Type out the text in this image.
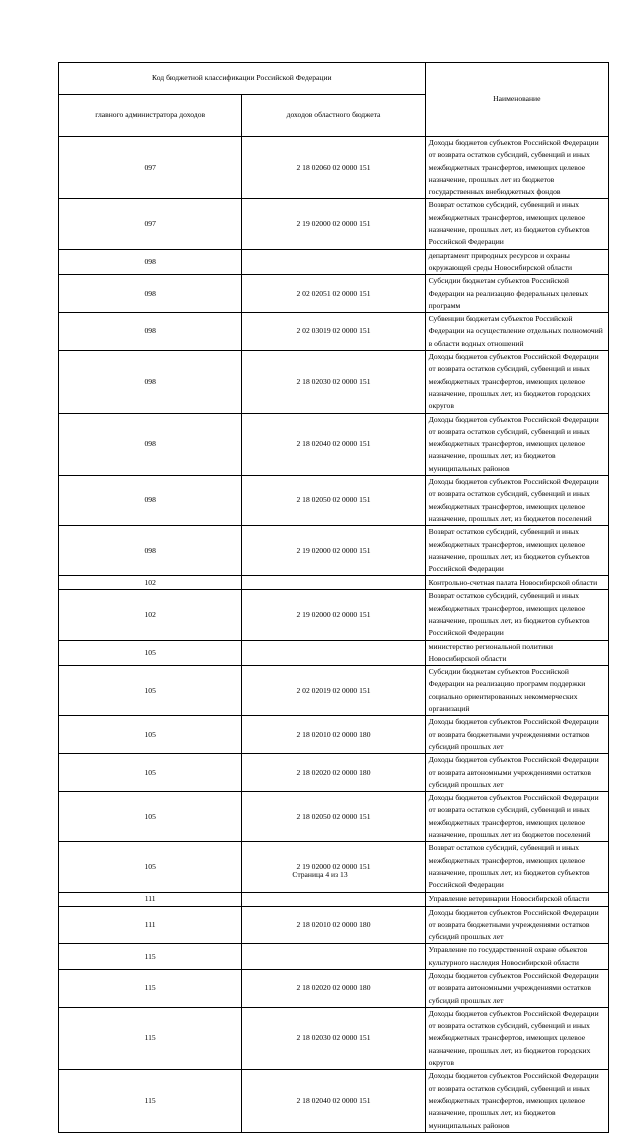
Код бюджетной классификации Российской Федерации		Наименование
главного администратора доходов	доходов областного бюджета	
097	2 18 02060 02 0000 151	Доходы бюджетов субъектов Российской Федерации от возврата остатков субсидий, субвенций и иных межбюджетных трансфертов, имеющих целевое назначение, прошлых лет из бюджетов государственных внебюджетных фондов
097	2 19 02000 02 0000 151	Возврат остатков субсидий, субвенций и иных межбюджетных трансфертов, имеющих целевое назначение, прошлых лет, из бюджетов субъектов Российской Федерации
098		департамент природных ресурсов и охраны окружающей среды Новосибирской области
098	2 02 02051 02 0000 151	Субсидии бюджетам субъектов Российской Федерации на реализацию федеральных целевых программ
098	2 02 03019 02 0000 151	Субвенции бюджетам субъектов Российской Федерации на осуществление отдельных полномочий в области водных отношений
098	2 18 02030 02 0000 151	Доходы бюджетов субъектов Российской Федерации от возврата остатков субсидий, субвенций и иных межбюджетных трансфертов, имеющих целевое назначение, прошлых лет, из бюджетов городских округов
098	2 18 02040 02 0000 151	Доходы бюджетов субъектов Российской Федерации от возврата остатков субсидий, субвенций и иных межбюджетных трансфертов, имеющих целевое назначение, прошлых лет, из бюджетов муниципальных районов
098	2 18 02050 02 0000 151	Доходы бюджетов субъектов Российской Федерации от возврата остатков субсидий, субвенций и иных межбюджетных трансфертов, имеющих целевое назначение, прошлых лет, из бюджетов поселений
098	2 19 02000 02 0000 151	Возврат остатков субсидий, субвенций и иных межбюджетных трансфертов, имеющих целевое назначение, прошлых лет, из бюджетов субъектов Российской Федерации
102		Контрольно-счетная палата Новосибирской области
102	2 19 02000 02 0000 151	Возврат остатков субсидий, субвенций и иных межбюджетных трансфертов, имеющих целевое назначение, прошлых лет, из бюджетов субъектов Российской Федерации
105		министерство региональной политики Новосибирской области
105	2 02 02019 02 0000 151	Субсидии бюджетам субъектов Российской Федерации на реализацию программ поддержки социально ориентированных некоммерческих организаций
105	2 18 02010 02 0000 180	Доходы бюджетов субъектов Российской Федерации от возврата бюджетными учреждениями остатков субсидий прошлых лет
105	2 18 02020 02 0000 180	Доходы бюджетов субъектов Российской Федерации от возврата автономными учреждениями остатков субсидий прошлых лет
105	2 18 02050 02 0000 151	Доходы бюджетов субъектов Российской Федерации от возврата остатков субсидий, субвенций и иных межбюджетных трансфертов, имеющих целевое назначение, прошлых лет из бюджетов поселений
105	2 19 02000 02 0000 151	Возврат остатков субсидий, субвенций и иных межбюджетных трансфертов, имеющих целевое назначение, прошлых лет, из бюджетов субъектов Российской Федерации
111		Управление ветеринарии Новосибирской области
111	2 18 02010 02 0000 180	Доходы бюджетов субъектов Российской Федерации от возврата бюджетными учреждениями остатков субсидий прошлых лет
115		Управление по государственной охране объектов культурного наследия Новосибирской области
115	2 18 02020 02 0000 180	Доходы бюджетов субъектов Российской Федерации от возврата автономными учреждениями остатков субсидий прошлых лет
115	2 18 02030 02 0000 151	Доходы бюджетов субъектов Российской Федерации от возврата остатков субсидий, субвенций и иных межбюджетных трансфертов, имеющих целевое назначение, прошлых лет, из бюджетов городских округов
115	2 18 02040 02 0000 151	Доходы бюджетов субъектов Российской Федерации от возврата остатков субсидий, субвенций и иных межбюджетных трансфертов, имеющих целевое назначение, прошлых лет, из бюджетов муниципальных районов
Страница 4 из 13
